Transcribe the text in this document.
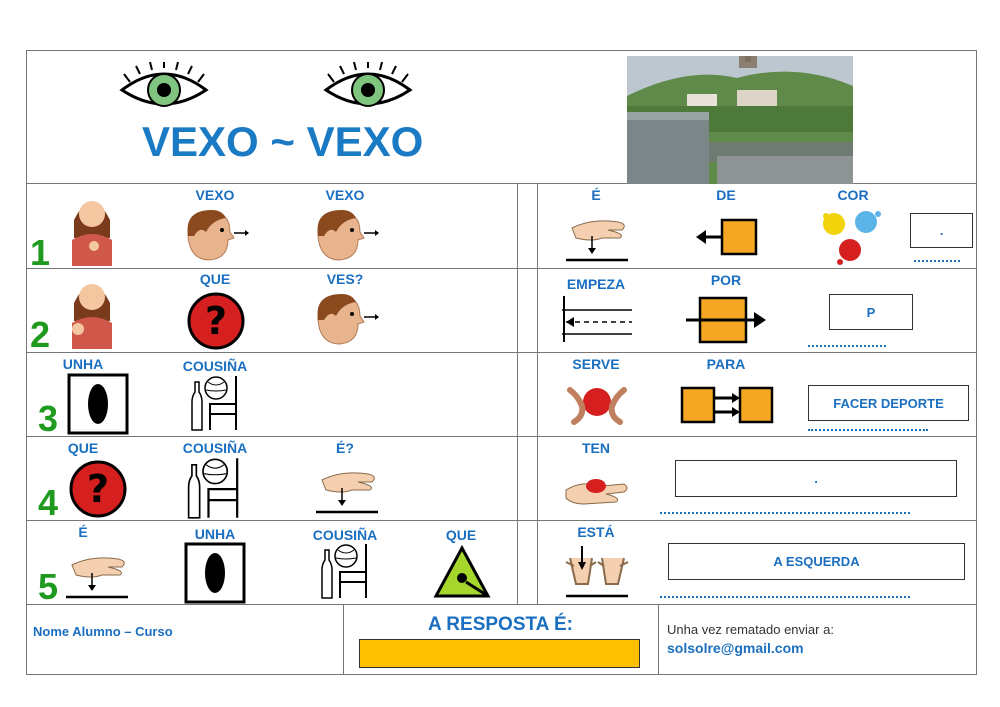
VEXO ~ VEXO
1
VEXO	VEXO
2
QUE	VES?
?
3
UNHA	COUSIÑA
4
QUE	COUSIÑA	É?
?
5
É	UNHA	COUSIÑA	QUE
É	DE	COR
.
EMPEZA	POR
P
SERVE	PARA
FACER DEPORTE
TEN
.
ESTÁ
A ESQUERDA
Nome Alumno – Curso	A RESPOSTA É:	Unha vez rematado enviar a:
solsolre@gmail.com
